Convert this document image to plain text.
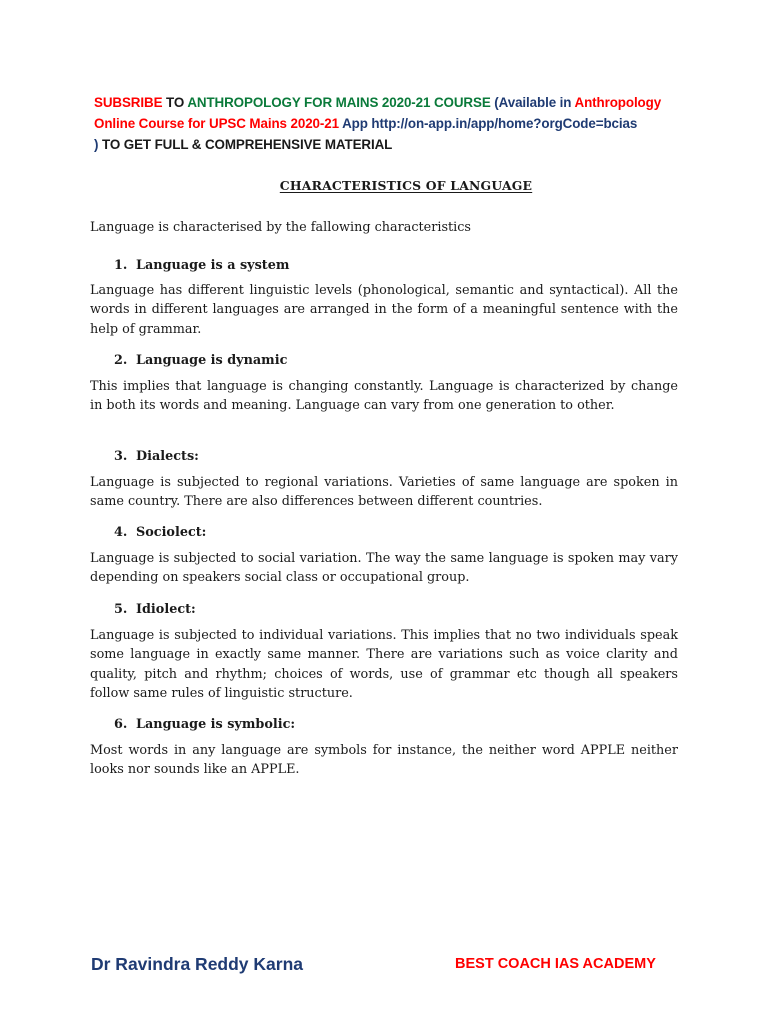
SUBSRIBE TO ANTHROPOLOGY FOR MAINS 2020-21 COURSE (Available in Anthropology
Online Course for UPSC Mains 2020-21 App http://on-app.in/app/home?orgCode=bcias
) TO GET FULL & COMPREHENSIVE MATERIAL
CHARACTERISTICS OF LANGUAGE
Language is characterised by the fallowing characteristics
1. Language is a system
Language has different linguistic levels (phonological, semantic and syntactical). All the words in different languages are arranged in the form of a meaningful sentence with the help of grammar.
2. Language is dynamic
This implies that language is changing constantly. Language is characterized by change in both its words and meaning. Language can vary from one generation to other.
3. Dialects:
Language is subjected to regional variations. Varieties of same language are spoken in same country. There are also differences between different countries.
4. Sociolect:
Language is subjected to social variation. The way the same language is spoken may vary depending on speakers social class or occupational group.
5. Idiolect:
Language is subjected to individual variations. This implies that no two individuals speak some language in exactly same manner. There are variations such as voice clarity and quality, pitch and rhythm; choices of words, use of grammar etc though all speakers follow same rules of linguistic structure.
6. Language is symbolic:
Most words in any language are symbols for instance, the neither word APPLE neither looks nor sounds like an APPLE.
Dr Ravindra Reddy Karna	BEST COACH IAS ACADEMY
